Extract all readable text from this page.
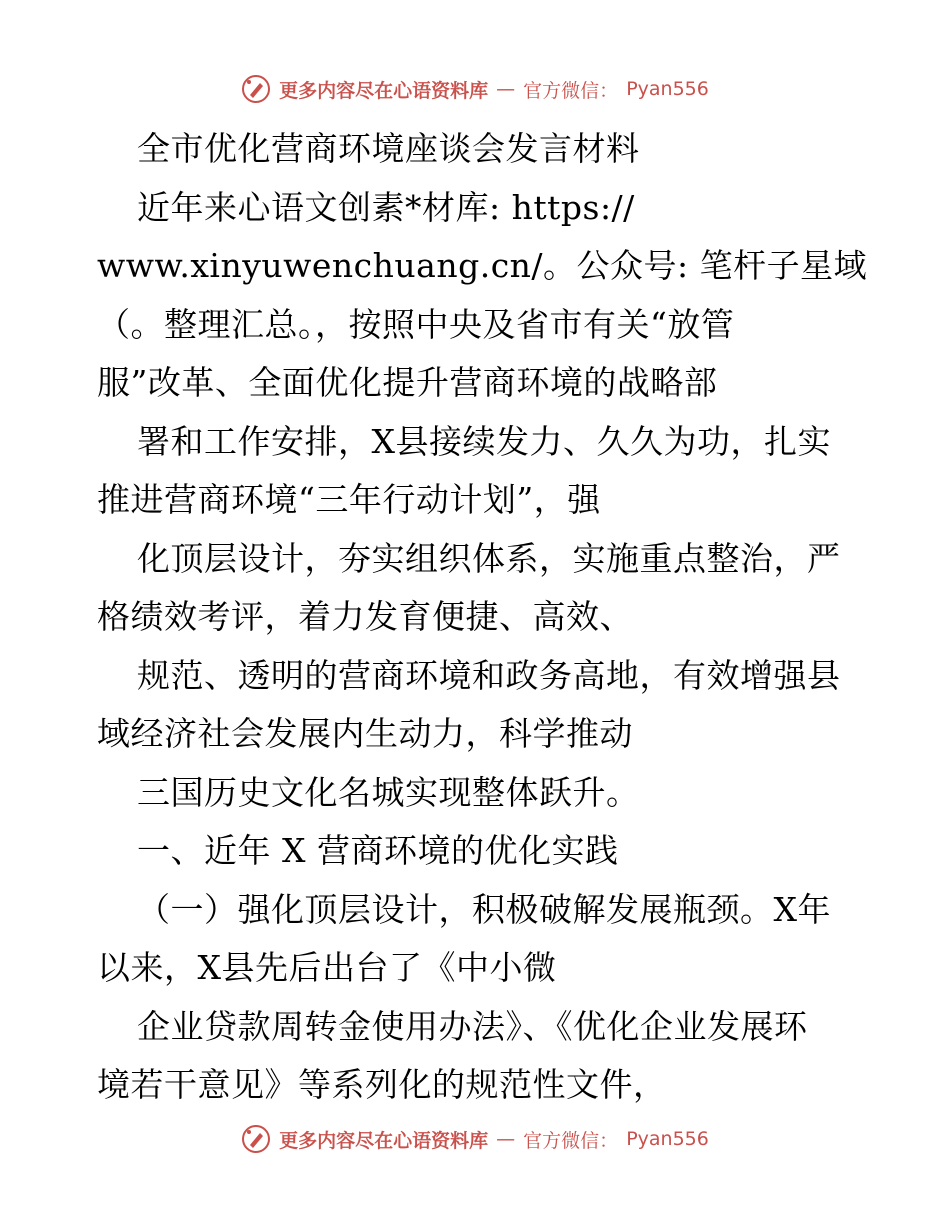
更多内容尽在心语资料库 — 官方微信： Pyan556
全市优化营商环境座谈会发言材料
近年来心语文创素*材库: https://
www.xinyuwenchuang.cn/。公众号: 笔杆子星域
（。整理汇总。，按照中央及省市有关“放管
服”改革、全面优化提升营商环境的战略部
署和工作安排，X县接续发力、久久为功，扎实
推进营商环境“三年行动计划”，强
化顶层设计，夯实组织体系，实施重点整治，严
格绩效考评，着力发育便捷、高效、
规范、透明的营商环境和政务高地，有效增强县
域经济社会发展内生动力，科学推动
三国历史文化名城实现整体跃升。
一、近年 X 营商环境的优化实践
（一）强化顶层设计，积极破解发展瓶颈。X年
以来，X县先后出台了《中小微
企业贷款周转金使用办法》、《优化企业发展环
境若干意见》等系列化的规范性文件，
更多内容尽在心语资料库 — 官方微信： Pyan556
